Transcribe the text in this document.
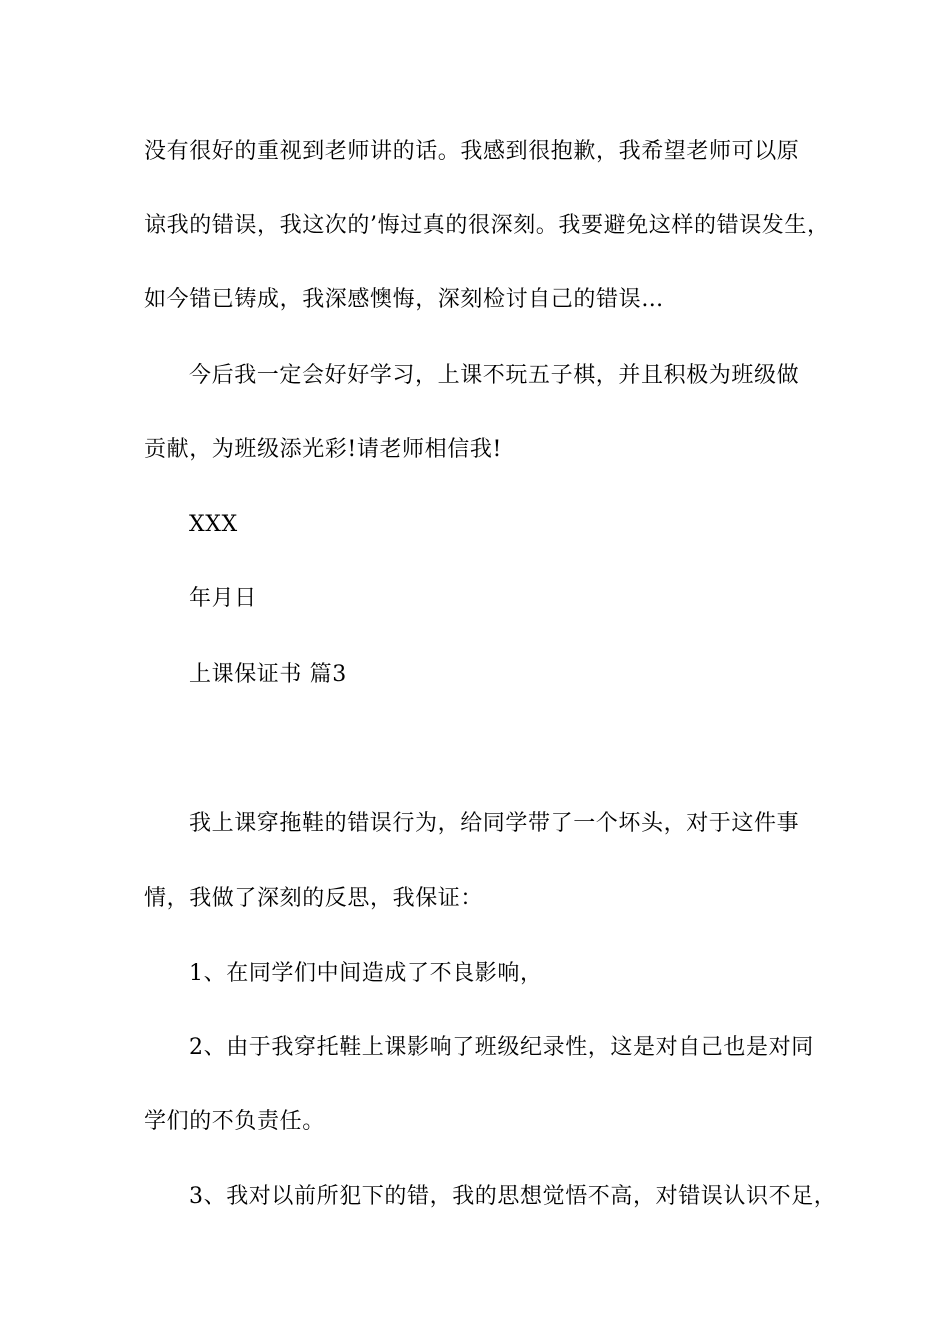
没有很好的重视到老师讲的话。我感到很抱歉，我希望老师可以原
谅我的错误，我这次的’悔过真的很深刻。我要避免这样的错误发生，
如今错已铸成，我深感懊悔，深刻检讨自己的错误…
今后我一定会好好学习，上课不玩五子棋，并且积极为班级做
贡献，为班级添光彩!请老师相信我!
XXX
年月日
上课保证书 篇3
我上课穿拖鞋的错误行为，给同学带了一个坏头，对于这件事
情，我做了深刻的反思，我保证：
1、在同学们中间造成了不良影响，
2、由于我穿托鞋上课影响了班级纪录性，这是对自己也是对同
学们的不负责任。
3、我对以前所犯下的错，我的思想觉悟不高，对错误认识不足，
